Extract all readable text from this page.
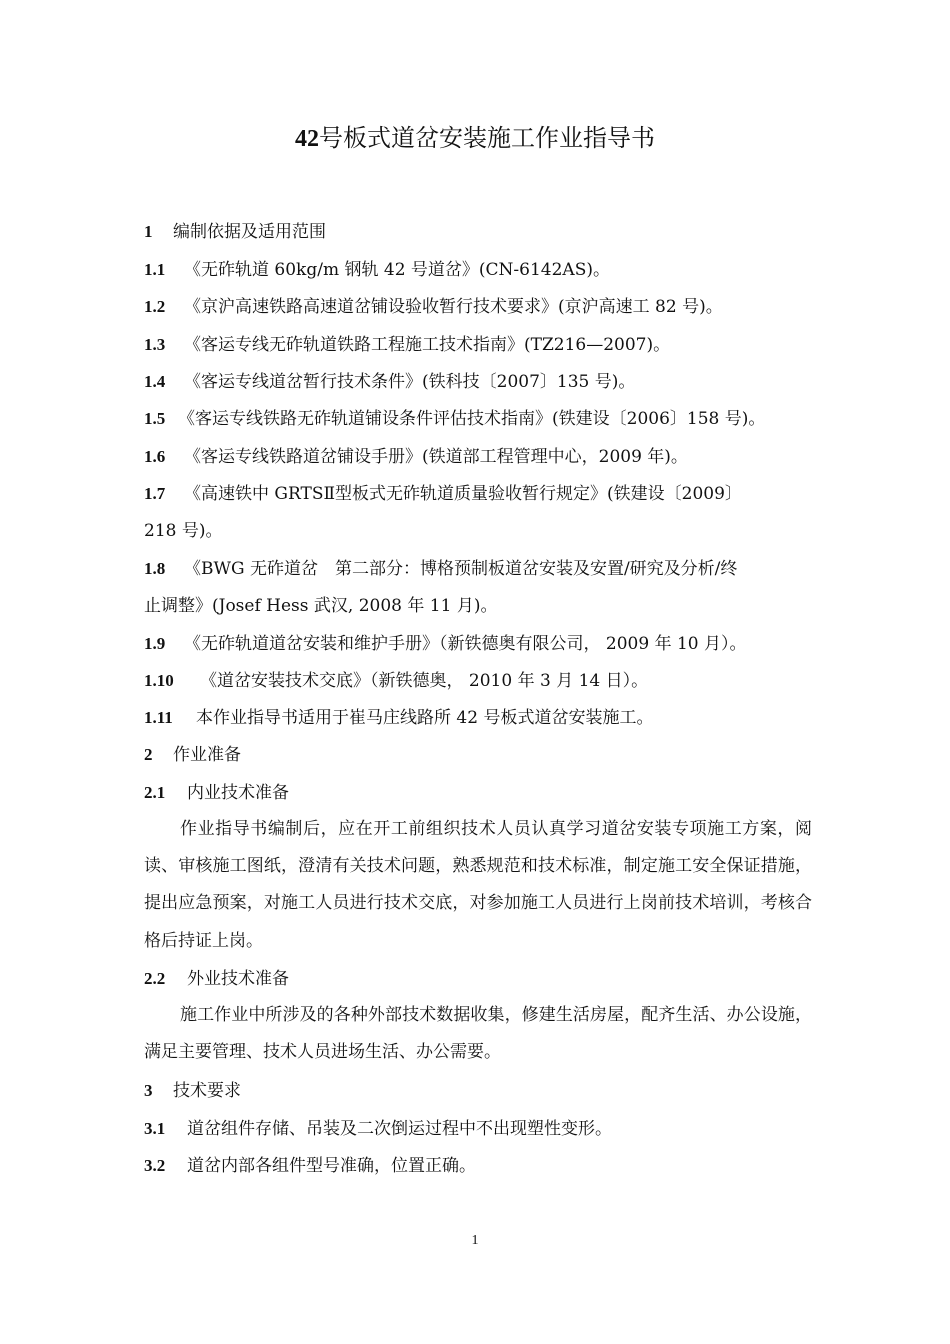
42号板式道岔安装施工作业指导书
1 编制依据及适用范围
1.1 《无砟轨道 60kg/m 钢轨 42 号道岔》(CN-6142AS)。
1.2 《京沪高速铁路高速道岔铺设验收暂行技术要求》(京沪高速工 82 号)。
1.3 《客运专线无砟轨道铁路工程施工技术指南》(TZ216—2007)。
1.4 《客运专线道岔暂行技术条件》(铁科技〔2007〕135 号)。
1.5 《客运专线铁路无砟轨道铺设条件评估技术指南》(铁建设〔2006〕158 号)。
1.6 《客运专线铁路道岔铺设手册》(铁道部工程管理中心，2009 年)。
1.7 《高速铁中 GRTSⅡ型板式无砟轨道质量验收暂行规定》(铁建设〔2009〕
218 号)。
1.8 《BWG 无砟道岔　第二部分：博格预制板道岔安装及安置/研究及分析/终
止调整》(Josef Hess 武汉, 2008 年 11 月)。
1.9 《无砟轨道道岔安装和维护手册》（新铁德奥有限公司， 2009 年 10 月）。
1.10 《道岔安装技术交底》（新铁德奥， 2010 年 3 月 14 日）。
1.11 本作业指导书适用于崔马庄线路所 42 号板式道岔安装施工。
2 作业准备
2.1 内业技术准备
作业指导书编制后，应在开工前组织技术人员认真学习道岔安装专项施工方案，阅读、审核施工图纸，澄清有关技术问题，熟悉规范和技术标准，制定施工安全保证措施，提出应急预案，对施工人员进行技术交底，对参加施工人员进行上岗前技术培训，考核合格后持证上岗。
2.2 外业技术准备
施工作业中所涉及的各种外部技术数据收集，修建生活房屋，配齐生活、办公设施，满足主要管理、技术人员进场生活、办公需要。
3 技术要求
3.1 道岔组件存储、吊装及二次倒运过程中不出现塑性变形。
3.2 道岔内部各组件型号准确，位置正确。
1
